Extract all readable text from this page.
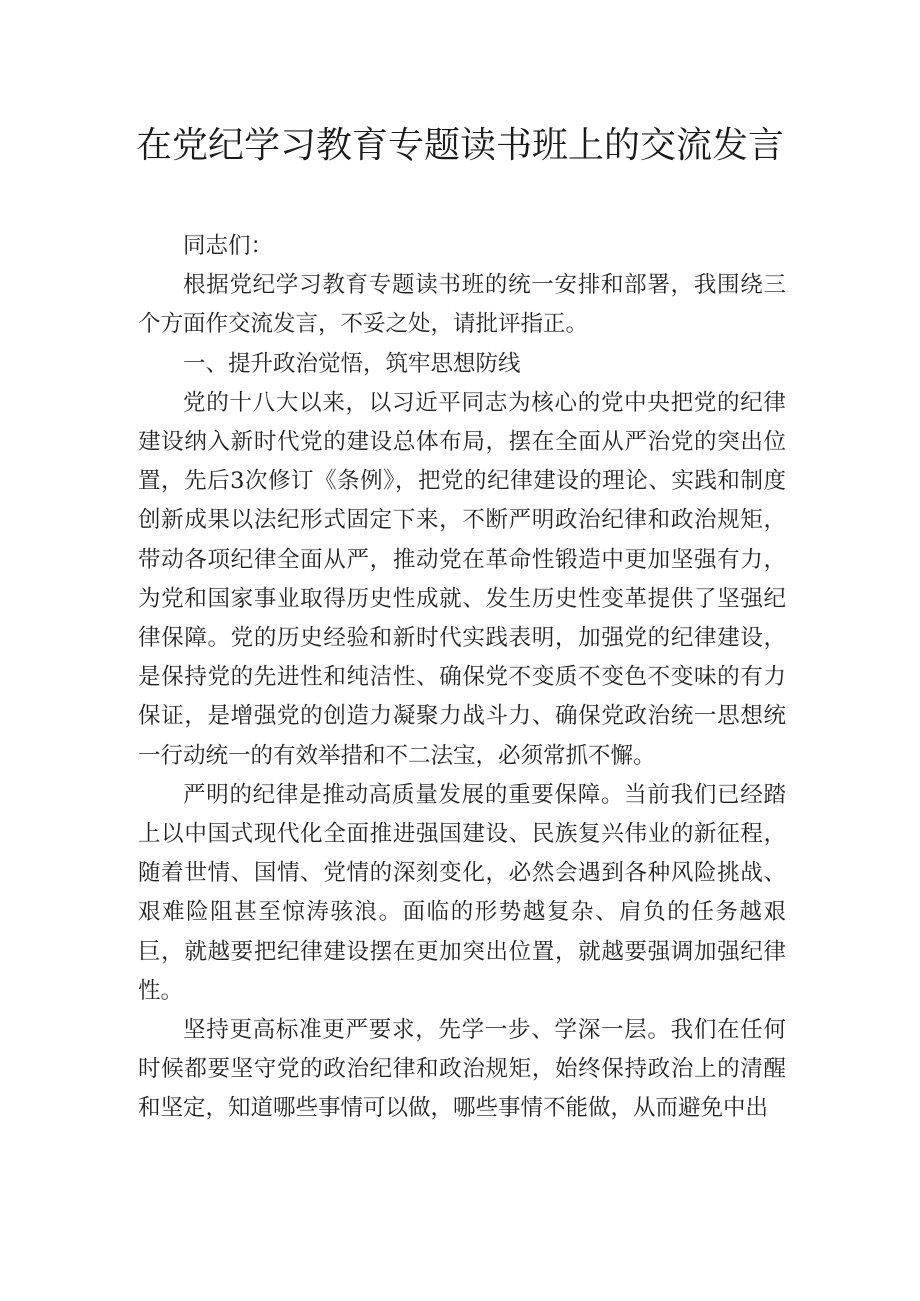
在党纪学习教育专题读书班上的交流发言

同志们：

根据党纪学习教育专题读书班的统一安排和部署，我围绕三个方面作交流发言，不妥之处，请批评指正。

一、提升政治觉悟，筑牢思想防线

党的十八大以来，以习近平同志为核心的党中央把党的纪律建设纳入新时代党的建设总体布局，摆在全面从严治党的突出位置，先后3次修订《条例》，把党的纪律建设的理论、实践和制度创新成果以法纪形式固定下来，不断严明政治纪律和政治规矩，带动各项纪律全面从严，推动党在革命性锻造中更加坚强有力，为党和国家事业取得历史性成就、发生历史性变革提供了坚强纪律保障。党的历史经验和新时代实践表明，加强党的纪律建设，是保持党的先进性和纯洁性、确保党不变质不变色不变味的有力保证，是增强党的创造力凝聚力战斗力、确保党政治统一思想统一行动统一的有效举措和不二法宝，必须常抓不懈。

严明的纪律是推动高质量发展的重要保障。当前我们已经踏上以中国式现代化全面推进强国建设、民族复兴伟业的新征程，随着世情、国情、党情的深刻变化，必然会遇到各种风险挑战、艰难险阻甚至惊涛骇浪。面临的形势越复杂、肩负的任务越艰巨，就越要把纪律建设摆在更加突出位置，就越要强调加强纪律性。

坚持更高标准更严要求，先学一步、学深一层。我们在任何时候都要坚守党的政治纪律和政治规矩，始终保持政治上的清醒和坚定，知道哪些事情可以做，哪些事情不能做，从而避免中出
